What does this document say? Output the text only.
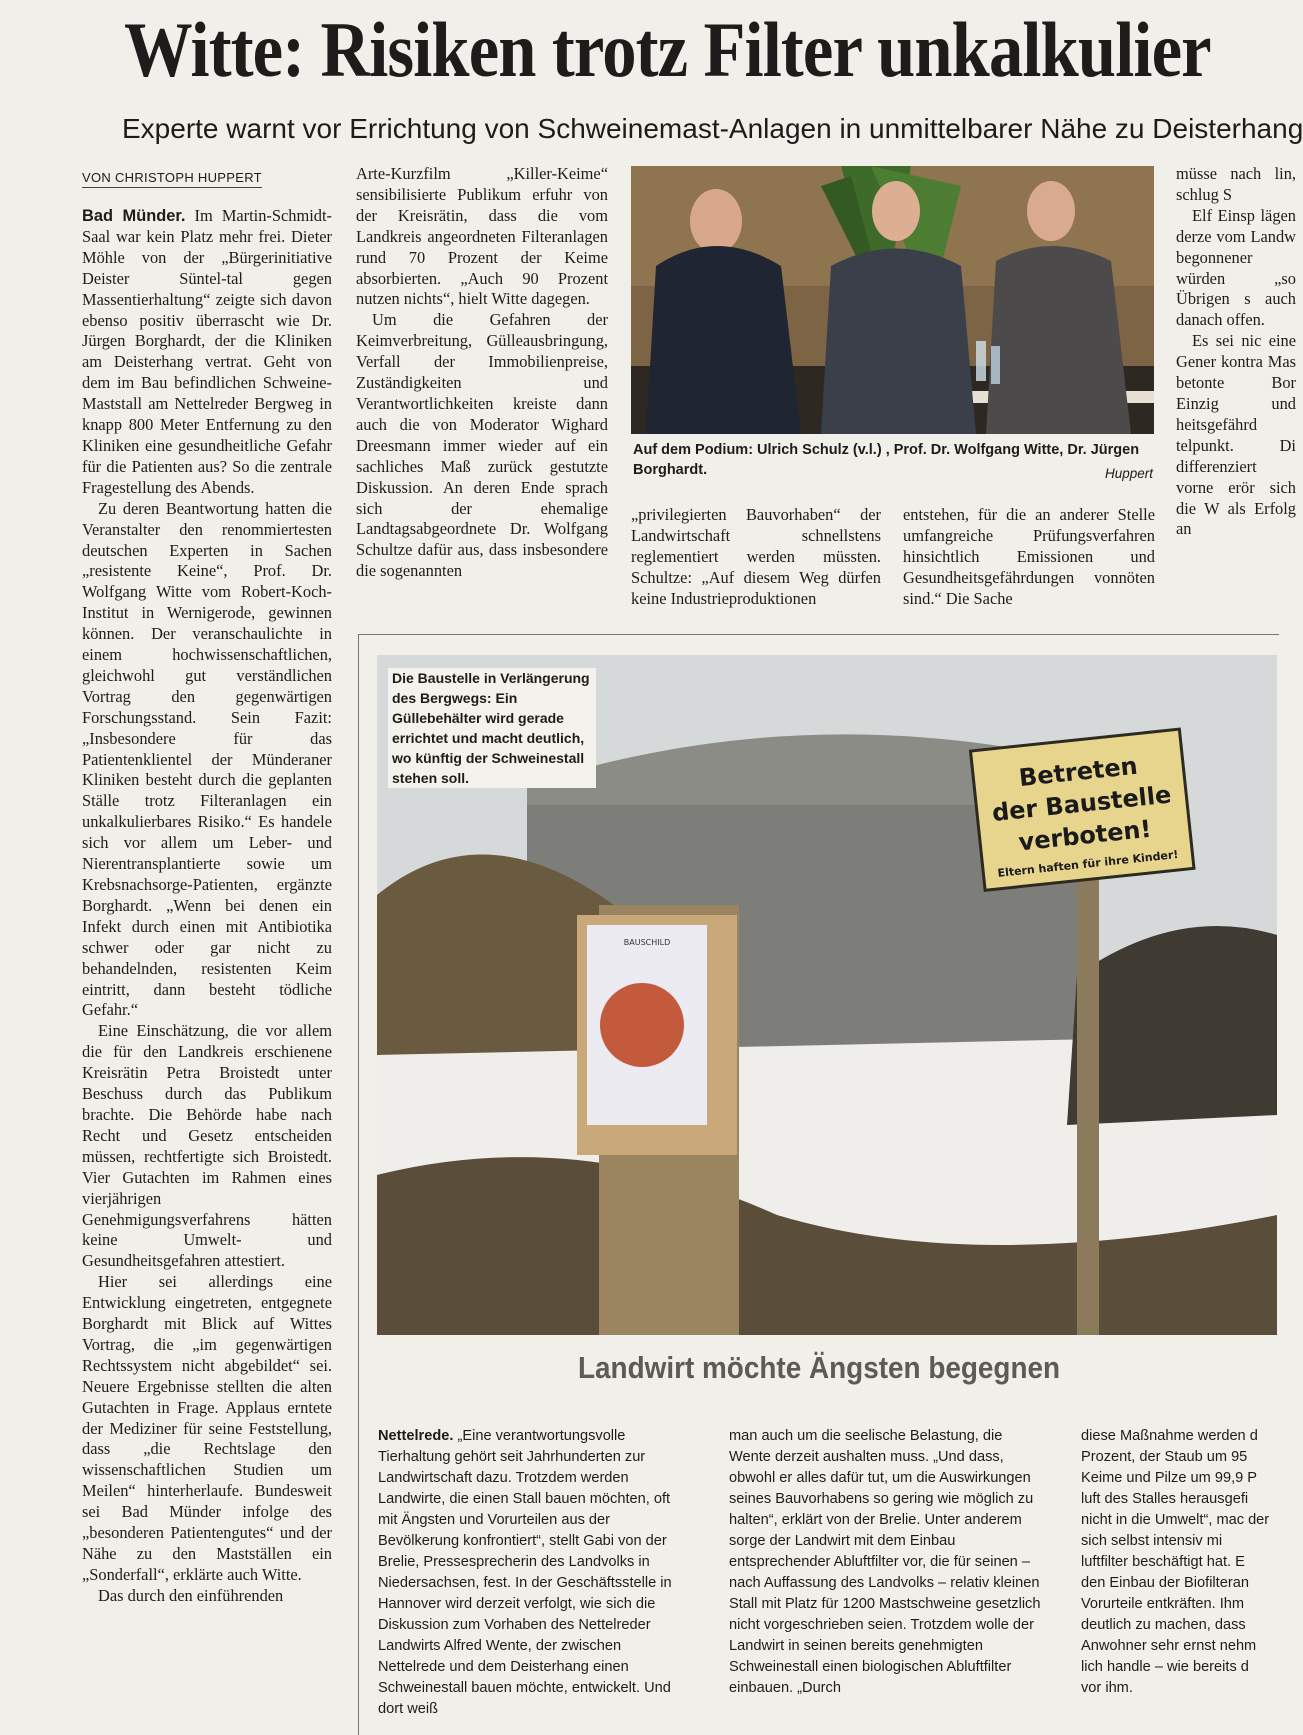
Witte: Risiken trotz Filter unkalkulier
Experte warnt vor Errichtung von Schweinemast-Anlagen in unmittelbarer Nähe zu Deisterhang
VON CHRISTOPH HUPPERT

Bad Münder. Im Martin-Schmidt-Saal war kein Platz mehr frei. Dieter Möhle von der „Bürgerinitiative Deister Süntel-tal gegen Massentierhaltung“ zeigte sich davon ebenso positiv überrascht wie Dr. Jürgen Borghardt, der die Kliniken am Deisterhang vertrat. Geht von dem im Bau befindlichen Schweine-Maststall am Nettelreder Bergweg in knapp 800 Meter Entfernung zu den Kliniken eine gesundheitliche Gefahr für die Patienten aus? So die zentrale Fragestellung des Abends.

Zu deren Beantwortung hatten die Veranstalter den renommiertesten deutschen Experten in Sachen „resistente Keine“, Prof. Dr. Wolfgang Witte vom Robert-Koch-Institut in Wernigerode, gewinnen können. Der veranschaulichte in einem hochwissenschaftlichen, gleichwohl gut verständlichen Vortrag den gegenwärtigen Forschungsstand. Sein Fazit: „Insbesondere für das Patientenklientel der Münderaner Kliniken besteht durch die geplanten Ställe trotz Filteranlagen ein unkalkulierbares Risiko.“ Es handele sich vor allem um Leber- und Nierentransplantierte sowie um Krebsnachsorge-Patienten, ergänzte Borghardt. „Wenn bei denen ein Infekt durch einen mit Antibiotika schwer oder gar nicht zu behandelnden, resistenten Keim eintritt, dann besteht tödliche Gefahr.“

Eine Einschätzung, die vor allem die für den Landkreis erschienene Kreisrätin Petra Broistedt unter Beschuss durch das Publikum brachte. Die Behörde habe nach Recht und Gesetz entscheiden müssen, rechtfertigte sich Broistedt. Vier Gutachten im Rahmen eines vierjährigen Genehmigungsverfahrens hätten keine Umwelt- und Gesundheitsgefahren attestiert.

Hier sei allerdings eine Entwicklung eingetreten, entgegnete Borghardt mit Blick auf Wittes Vortrag, die „im gegenwärtigen Rechtssystem nicht abgebildet“ sei. Neuere Ergebnisse stellten die alten Gutachten in Frage. Applaus erntete der Mediziner für seine Feststellung, dass „die Rechtslage den wissenschaftlichen Studien um Meilen“ hinterherlaufe. Bundesweit sei Bad Münder infolge des „besonderen Patientengutes“ und der Nähe zu den Mastställen ein „Sonderfall“, erklärte auch Witte.

Das durch den einführenden

Arte-Kurzfilm „Killer-Keime“ sensibilisierte Publikum erfuhr von der Kreisrätin, dass die vom Landkreis angeordneten Filteranlagen rund 70 Prozent der Keime absorbierten. „Auch 90 Prozent nutzen nichts“, hielt Witte dagegen.

Um die Gefahren der Keimverbreitung, Gülleausbringung, Verfall der Immobilienpreise, Zuständigkeiten und Verantwortlichkeiten kreiste dann auch die von Moderator Wighard Dreesmann immer wieder auf ein sachliches Maß zurück gestutzte Diskussion. An deren Ende sprach sich der ehemalige Landtagsabgeordnete Dr. Wolfgang Schultze dafür aus, dass insbesondere die sogenannten

Auf dem Podium: Ulrich Schulz (v.l.) , Prof. Dr. Wolfgang Witte, Dr. Jürgen Borghardt.	Huppert
„privilegierten Bauvorhaben“ der Landwirtschaft schnellstens reglementiert werden müssten. Schultze: „Auf diesem Weg dürfen keine Industrieproduktionen
entstehen, für die an anderer Stelle umfangreiche Prüfungsverfahren hinsichtlich Emissionen und Gesundheitsgefährdungen vonnöten sind.“ Die Sache

müsse nach lin, schlug S

Elf Einsp lägen derze vom Landw begonnener würden „so Übrigen s auch danach offen.

Es sei nic eine Gener kontra Mas betonte Bor Einzig und heitsgefährd telpunkt. Di differenziert vorne erör sich die W als Erfolg an

Betreten
der Baustelle
verboten!
Eltern haften für ihre Kinder!
BAUSCHILD
Die Baustelle in Verlängerung des Bergwegs: Ein Güllebehälter wird gerade errichtet und macht deutlich, wo künftig der Schweinestall stehen soll.
Landwirt möchte Ängsten begegnen

Nettelrede. „Eine verantwortungsvolle Tierhaltung gehört seit Jahrhunderten zur Landwirtschaft dazu. Trotzdem werden Landwirte, die einen Stall bauen möchten, oft mit Ängsten und Vorurteilen aus der Bevölkerung konfrontiert“, stellt Gabi von der Brelie, Pressesprecherin des Landvolks in Niedersachsen, fest. In der Geschäftsstelle in Hannover wird derzeit verfolgt, wie sich die Diskussion zum Vorhaben des Nettelreder Landwirts Alfred Wente, der zwischen Nettelrede und dem Deisterhang einen Schweinestall bauen möchte, entwickelt. Und dort weiß

man auch um die seelische Belastung, die Wente derzeit aushalten muss. „Und dass, obwohl er alles dafür tut, um die Auswirkungen seines Bauvorhabens so gering wie möglich zu halten“, erklärt von der Brelie. Unter anderem sorge der Landwirt mit dem Einbau entsprechender Abluftfilter vor, die für seinen – nach Auffassung des Landvolks – relativ kleinen Stall mit Platz für 1200 Mastschweine gesetzlich nicht vorgeschrieben seien. Trotzdem wolle der Landwirt in seinen bereits genehmigten Schweinestall einen biologischen Abluftfilter einbauen. „Durch
diese Maßnahme werden d Prozent, der Staub um 95 Keime und Pilze um 99,9 P luft des Stalles herausgefi nicht in die Umwelt“, mac der sich selbst intensiv mi luftfilter beschäftigt hat. E den Einbau der Biofilteran Vorurteile entkräften. Ihm deutlich zu machen, dass Anwohner sehr ernst nehm lich handle – wie bereits d vor ihm.
